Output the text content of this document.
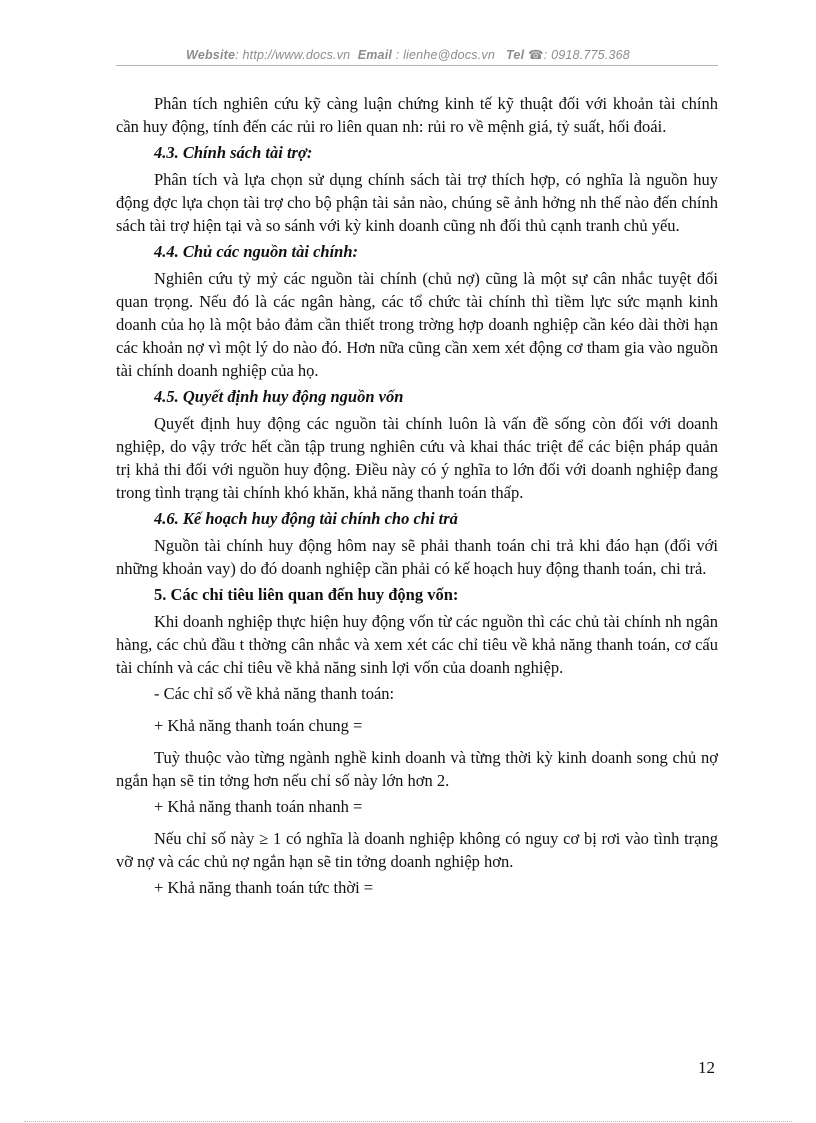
Website: http://www.docs.vn Email : lienhe@docs.vn Tel ☎: 0918.775.368

Phân tích nghiên cứu kỹ càng luận chứng kinh tế kỹ thuật đối với khoản tài chính cần huy động, tính đến các rủi ro liên quan nh: rủi ro về mệnh giá, tỷ suất, hối đoái.

4.3. Chính sách tài trợ:

Phân tích và lựa chọn sử dụng chính sách tài trợ thích hợp, có nghĩa là nguồn huy động đợc lựa chọn tài trợ cho bộ phận tài sản nào, chúng sẽ ảnh hởng nh thế nào đến chính sách tài trợ hiện tại và so sánh với kỳ kinh doanh cũng nh đối thủ cạnh tranh chủ yếu.

4.4. Chủ các nguồn tài chính:

Nghiên cứu tỷ mỷ các nguồn tài chính (chủ nợ) cũng là một sự cân nhắc tuyệt đối quan trọng. Nếu đó là các ngân hàng, các tổ chức tài chính thì tiềm lực sức mạnh kinh doanh của họ là một bảo đảm cần thiết trong trờng hợp doanh nghiệp cần kéo dài thời hạn các khoản nợ vì một lý do nào đó. Hơn nữa cũng cần xem xét động cơ tham gia vào nguồn tài chính doanh nghiệp của họ.

4.5. Quyết định huy động nguồn vốn

Quyết định huy động các nguồn tài chính luôn là vấn đề sống còn đối với doanh nghiệp, do vậy trớc hết cần tập trung nghiên cứu và khai thác triệt để các biện pháp quản trị khả thi đối với nguồn huy động. Điều này có ý nghĩa to lớn đối với doanh nghiệp đang trong tình trạng tài chính khó khăn, khả năng thanh toán thấp.

4.6. Kế hoạch huy động tài chính cho chi trả

Nguồn tài chính huy động hôm nay sẽ phải thanh toán chi trả khi đáo hạn (đối với những khoản vay) do đó doanh nghiệp cần phải có kế hoạch huy động thanh toán, chi trả.

5. Các chỉ tiêu liên quan đến huy động vốn:

Khi doanh nghiệp thực hiện huy động vốn từ các nguồn thì các chủ tài chính nh ngân hàng, các chủ đầu t thờng cân nhắc và xem xét các chỉ tiêu về khả năng thanh toán, cơ cấu tài chính và các chỉ tiêu về khả năng sinh lợi vốn của doanh nghiệp.

- Các chỉ số về khả năng thanh toán:

+ Khả năng thanh toán chung =

Tuỳ thuộc vào từng ngành nghề kinh doanh và từng thời kỳ kinh doanh song chủ nợ ngắn hạn sẽ tin tởng hơn nếu chỉ số này lớn hơn 2.

+ Khả năng thanh toán nhanh =

Nếu chỉ số này ≥ 1 có nghĩa là doanh nghiệp không có nguy cơ bị rơi vào tình trạng vỡ nợ và các chủ nợ ngắn hạn sẽ tin tởng doanh nghiệp hơn.

+ Khả năng thanh toán tức thời =

12
